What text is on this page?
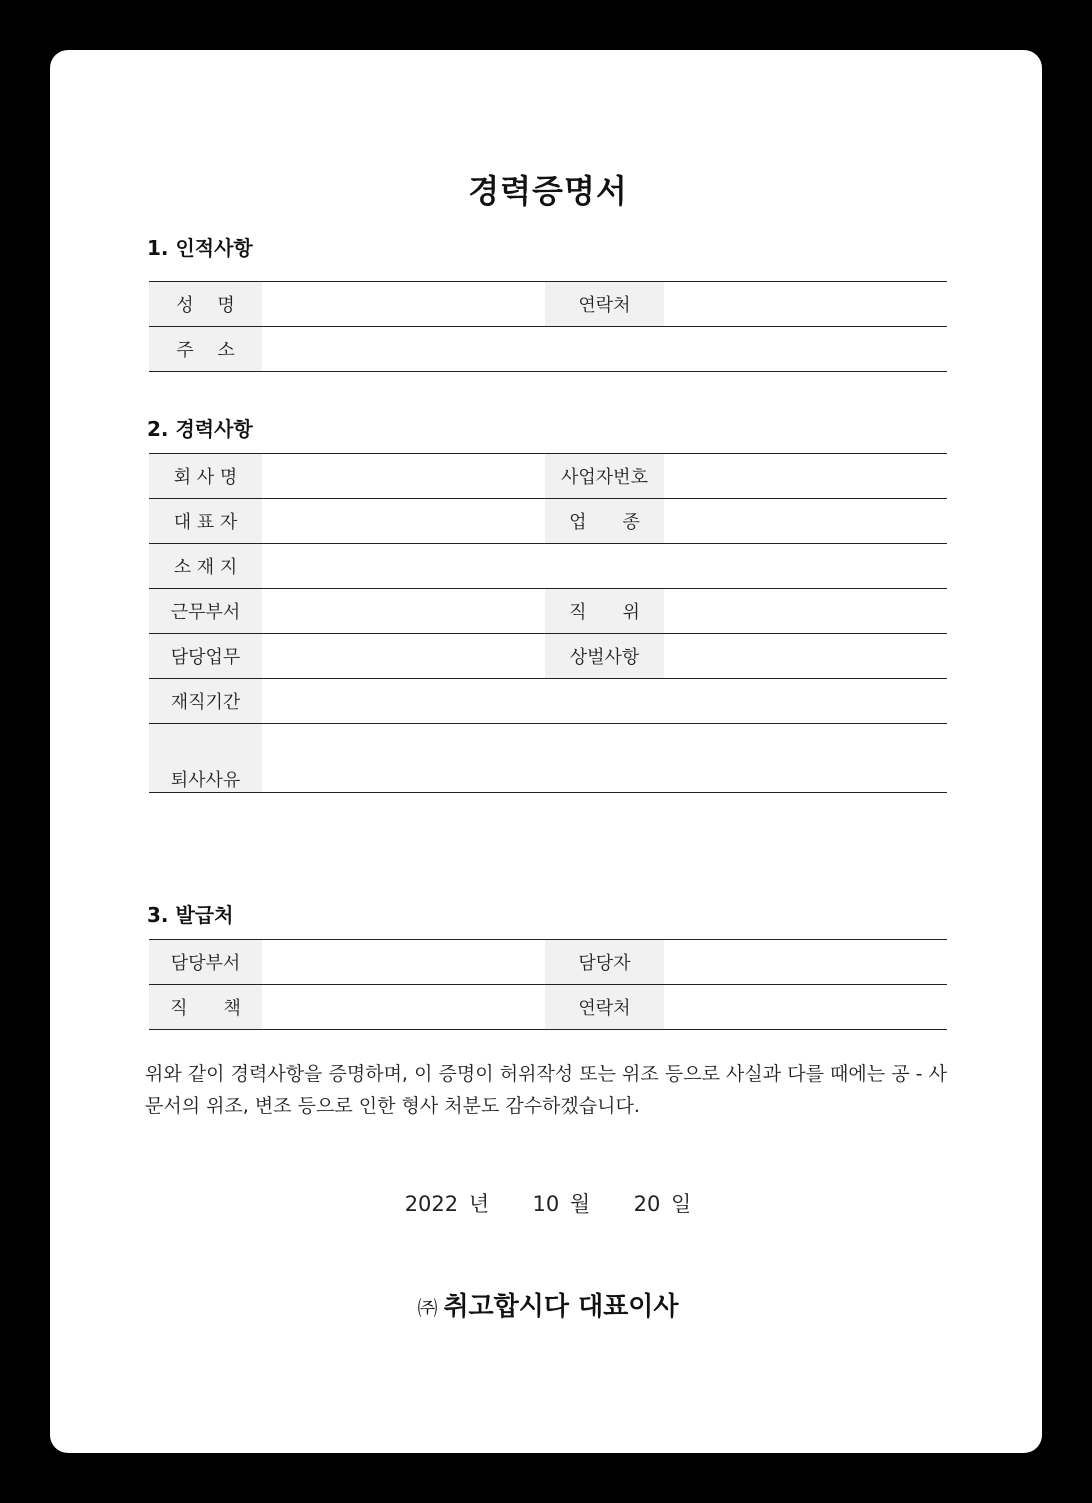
경력증명서
1. 인적사항
성　 명		연락처	
주　 소			
2. 경력사항
회 사 명		사업자번호	
대 표 자		업　　종	
소 재 지			
근무부서		직　　위	
담당업무		상벌사항	
재직기간			

퇴사사유			

3. 발급처
담당부서		담당자	
직　　책		연락처	
위와 같이 경력사항을 증명하며, 이 증명이 허위작성 또는 위조 등으로 사실과 다를 때에는 공 - 사 문서의 위조, 변조 등으로 인한 형사 처분도 감수하겠습니다.
2022 년 10 월 20 일
㈜ 취고합시다 대표이사
